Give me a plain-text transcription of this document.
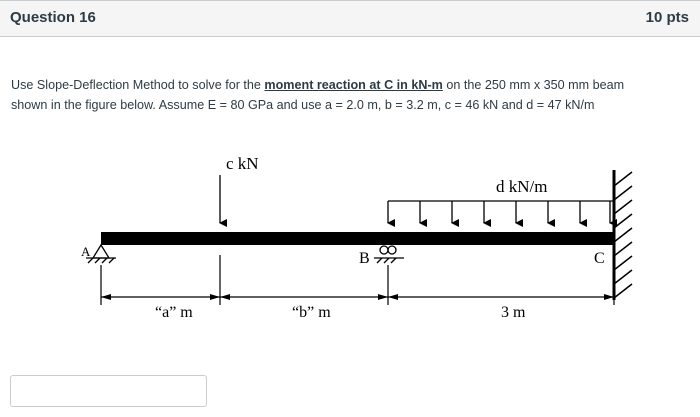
Question 16	10 pts
Use Slope-Deflection Method to solve for the moment reaction at C in kN-m on the 250 mm x 350 mm beam
shown in the figure below. Assume E = 80 GPa and use a = 2.0 m, b = 3.2 m, c = 46 kN and d = 47 kN/m
c kN
d kN/m
A	B	C
“a” m	“b” m	3 m
